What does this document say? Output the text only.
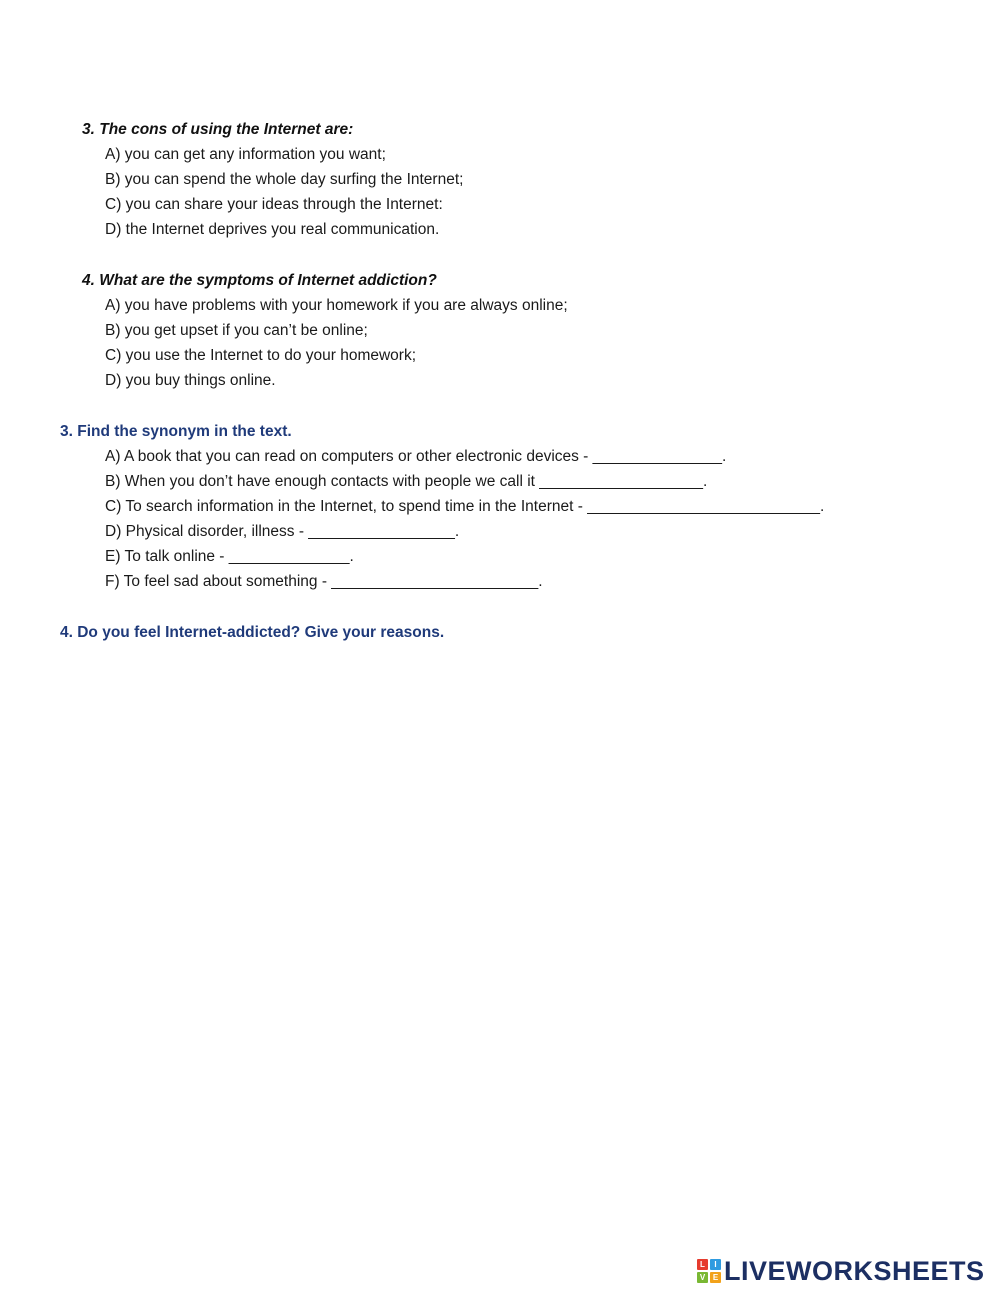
3. The cons of using the Internet are:
A) you can get any information you want;
B) you can spend the whole day surfing the Internet;
C) you can share your ideas through the Internet:
D) the Internet deprives you real communication.
4. What are the symptoms of Internet addiction?
A) you have problems with your homework if you are always online;
B) you get upset if you can’t be online;
C) you use the Internet to do your homework;
D) you buy things online.
3. Find the synonym in the text.
A) A book that you can read on computers or other electronic devices - _______________.
B) When you don’t have enough contacts with people we call it ___________________.
C) To search information in the Internet, to spend time in the Internet - ___________________________.
D) Physical disorder, illness - _________________.
E) To talk online - ______________.
F) To feel sad about something - ________________________.
4. Do you feel Internet-addicted? Give your reasons.
L	I
V E LIVEWORKSHEETS
